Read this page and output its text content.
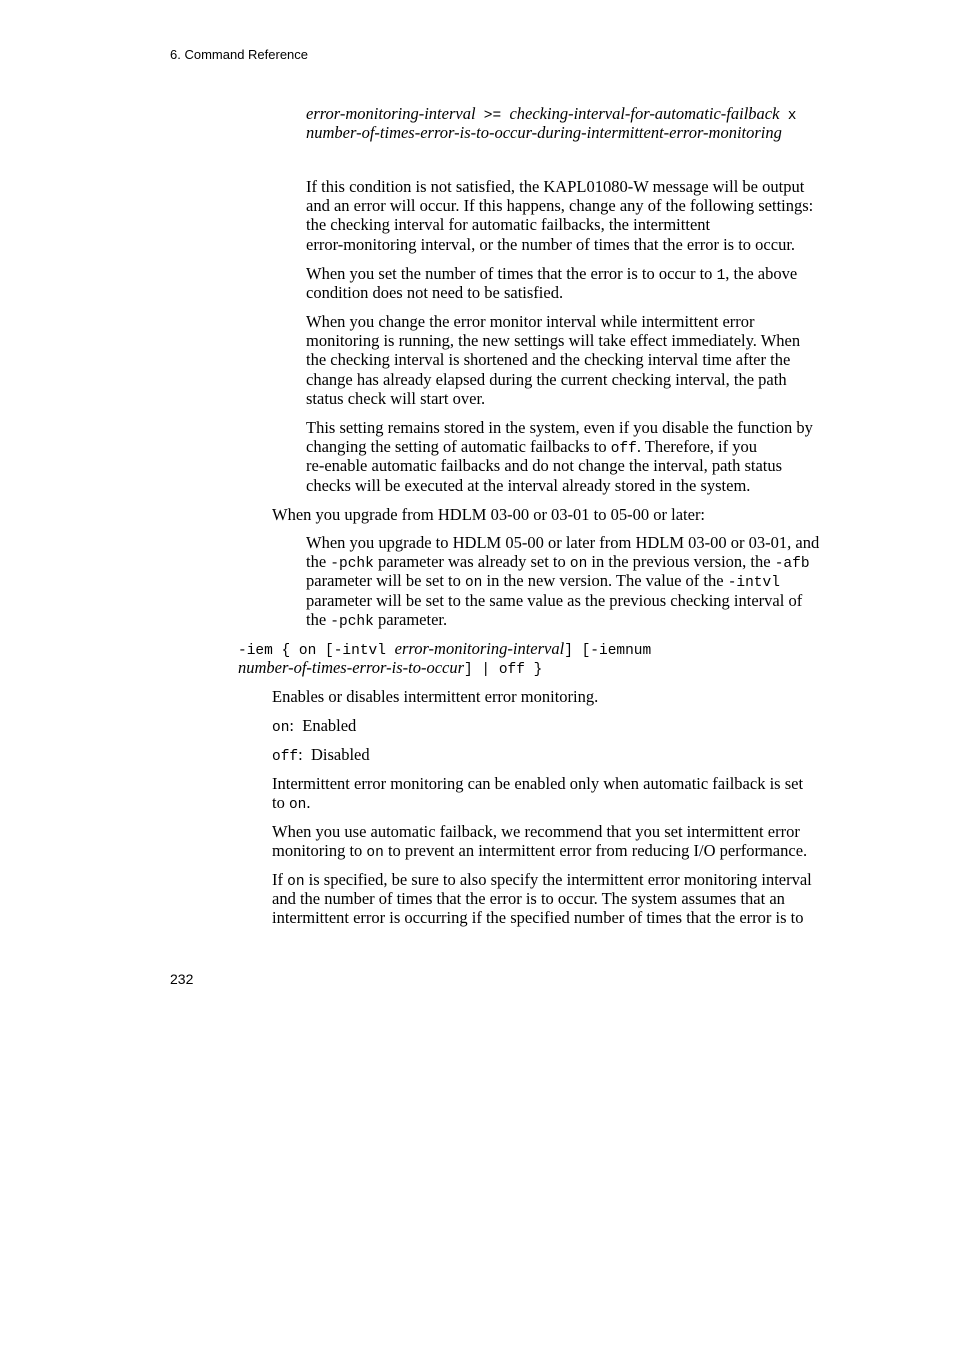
6. Command Reference
error-monitoring-interval >= checking-interval-for-automatic-failback x
number-of-times-error-is-to-occur-during-intermittent-error-monitoring
If this condition is not satisfied, the KAPL01080-W message will be output
and an error will occur. If this happens, change any of the following settings:
the checking interval for automatic failbacks, the intermittent
error-monitoring interval, or the number of times that the error is to occur.
When you set the number of times that the error is to occur to 1, the above
condition does not need to be satisfied.
When you change the error monitor interval while intermittent error
monitoring is running, the new settings will take effect immediately. When
the checking interval is shortened and the checking interval time after the
change has already elapsed during the current checking interval, the path
status check will start over.
This setting remains stored in the system, even if you disable the function by
changing the setting of automatic failbacks to off. Therefore, if you
re-enable automatic failbacks and do not change the interval, path status
checks will be executed at the interval already stored in the system.
When you upgrade from HDLM 03-00 or 03-01 to 05-00 or later:
When you upgrade to HDLM 05-00 or later from HDLM 03-00 or 03-01, and
the -pchk parameter was already set to on in the previous version, the -afb
parameter will be set to on in the new version. The value of the -intvl
parameter will be set to the same value as the previous checking interval of
the -pchk parameter.
-iem { on [-intvl error-monitoring-interval] [-iemnum
number-of-times-error-is-to-occur] | off }
Enables or disables intermittent error monitoring.
on:  Enabled
off:  Disabled
Intermittent error monitoring can be enabled only when automatic failback is set
to on.
When you use automatic failback, we recommend that you set intermittent error
monitoring to on to prevent an intermittent error from reducing I/O performance.
If on is specified, be sure to also specify the intermittent error monitoring interval
and the number of times that the error is to occur. The system assumes that an
intermittent error is occurring if the specified number of times that the error is to
232
